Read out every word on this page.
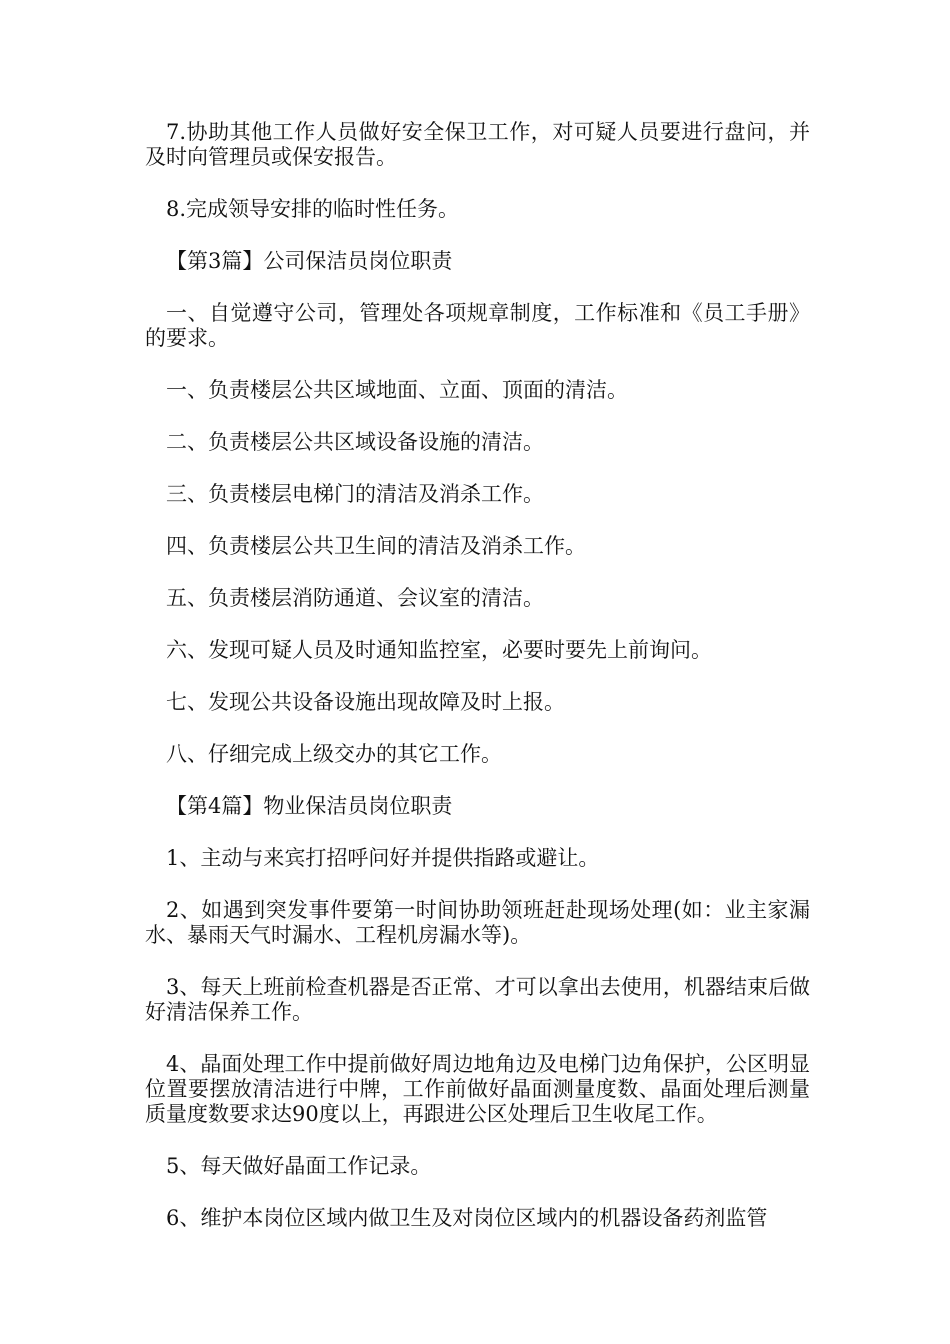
7.协助其他工作人员做好安全保卫工作，对可疑人员要进行盘问，并及时向管理员或保安报告。

8.完成领导安排的临时性任务。

【第3篇】公司保洁员岗位职责

一、自觉遵守公司，管理处各项规章制度，工作标准和《员工手册》的要求。

一、负责楼层公共区域地面、立面、顶面的清洁。

二、负责楼层公共区域设备设施的清洁。

三、负责楼层电梯门的清洁及消杀工作。

四、负责楼层公共卫生间的清洁及消杀工作。

五、负责楼层消防通道、会议室的清洁。

六、发现可疑人员及时通知监控室，必要时要先上前询问。

七、发现公共设备设施出现故障及时上报。

八、仔细完成上级交办的其它工作。

【第4篇】物业保洁员岗位职责

1、主动与来宾打招呼问好并提供指路或避让。

2、如遇到突发事件要第一时间协助领班赶赴现场处理(如：业主家漏水、暴雨天气时漏水、工程机房漏水等)。

3、每天上班前检查机器是否正常、才可以拿出去使用，机器结束后做好清洁保养工作。

4、晶面处理工作中提前做好周边地角边及电梯门边角保护，公区明显位置要摆放清洁进行中牌，工作前做好晶面测量度数、晶面处理后测量质量度数要求达90度以上，再跟进公区处理后卫生收尾工作。

5、每天做好晶面工作记录。

6、维护本岗位区域内做卫生及对岗位区域内的机器设备药剂监管
